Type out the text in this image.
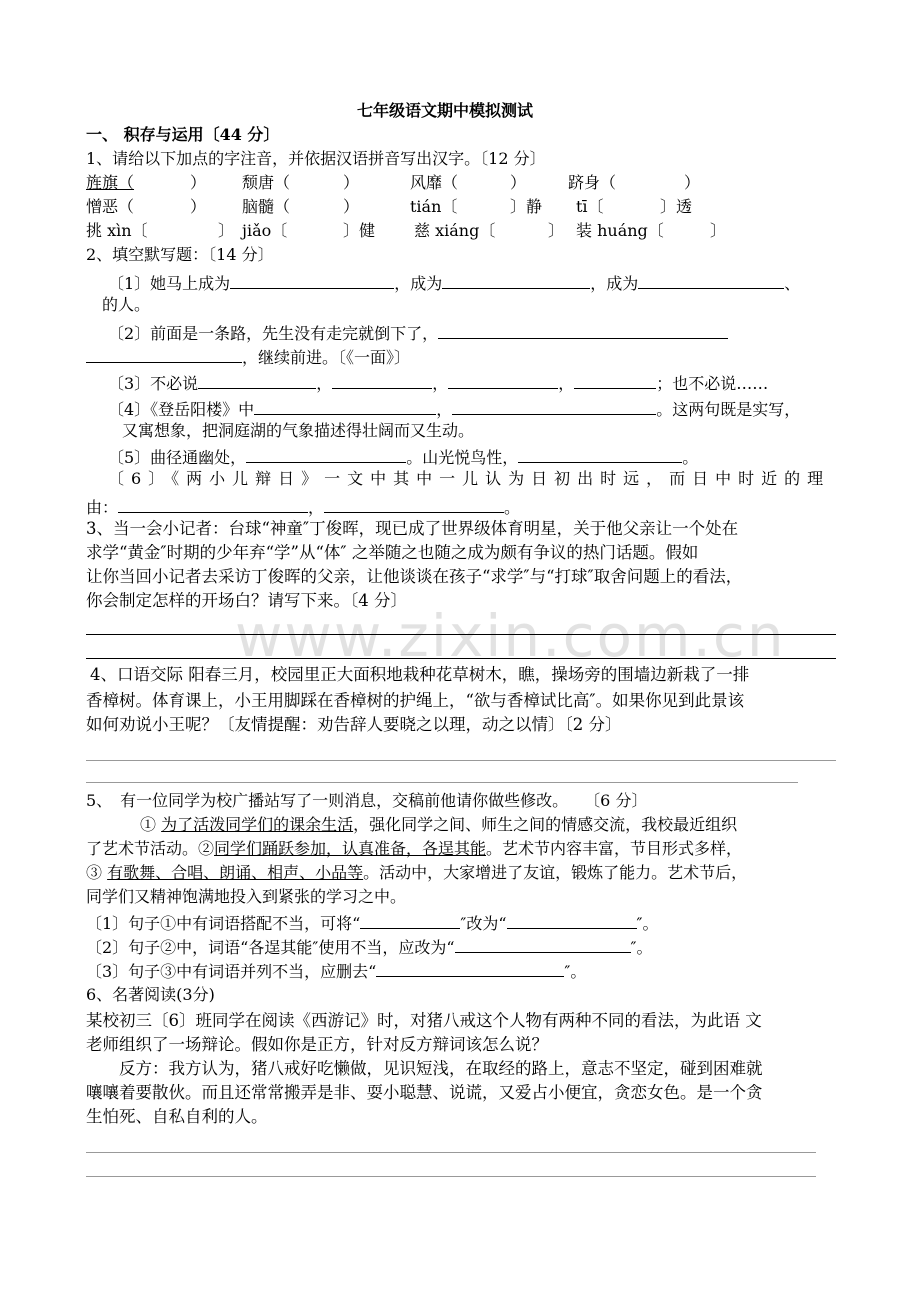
www.zixin.com.cn
七年级语文期中模拟测试
一、 积存与运用〔44 分〕
1、请给以下加点的字注音，并依据汉语拼音写出汉字。〔12 分〕
旌旗（	） 颓唐（	）	风靡（	）	跻身（	）
憎恶（	） 脑髓（	）	tián〔	〕静 tī〔	〕透
挑 xìn〔	〕 jiǎo〔	〕健 慈 xiáng〔	〕 装 huáng〔	〕
2、填空默写题：〔14 分〕
〔1〕她马上成为	，成为	，成为	、
的人。
〔2〕前面是一条路，先生没有走完就倒下了，
，继续前进。〔《一面》〕
〔3〕不必说	，	，	，	；也不必说……
〔4〕《登岳阳楼》中	，	。这两句既是实写，
又寓想象，把洞庭湖的气象描述得壮阔而又生动。
〔5〕曲径通幽处，	。山光悦鸟性，	。
〔6〕《两小儿辩日》一文中其中一儿认为日初出时远，而日中时近的理
由：	，	。
3、当一会小记者：台球“神童″丁俊晖，现已成了世界级体育明星，关于他父亲让一个处在
求学“黄金″时期的少年弃“学”从“体″ 之举随之也随之成为颇有争议的热门话题。假如
让你当回小记者去采访丁俊晖的父亲，让他谈谈在孩子“求学″与“打球″取舍问题上的看法，
你会制定怎样的开场白？请写下来。〔4 分〕
4、口语交际 阳春三月，校园里正大面积地栽种花草树木，瞧，操场旁的围墙边新栽了一排
香樟树。体育课上，小王用脚踩在香樟树的护绳上，“欲与香樟试比高″。如果你见到此景该
如何劝说小王呢？〔友情提醒：劝告辞人要晓之以理，动之以情〕〔2 分〕
5、　有一位同学为校广播站写了一则消息，交稿前他请你做些修改。　　〔6 分〕
① 为了活泼同学们的课余生活，强化同学之间、师生之间的情感交流，我校最近组织
了艺术节活动。②同学们踊跃参加，认真准备，各逞其能。艺术节内容丰富，节目形式多样，
③ 有歌舞、合唱、朗诵、相声、小品等。活动中，大家增进了友谊，锻炼了能力。艺术节后，
同学们又精神饱满地投入到紧张的学习之中。
〔1〕句子①中有词语搭配不当，可将“	″改为“	″。
〔2〕句子②中，词语“各逞其能″使用不当，应改为“	″。
〔3〕句子③中有词语并列不当，应删去“	″。
6、名著阅读(3分)
某校初三〔6〕班同学在阅读《西游记》时，对猪八戒这个人物有两种不同的看法，为此语 文
老师组织了一场辩论。假如你是正方，针对反方辩词该怎么说？
　　反方：我方认为，猪八戒好吃懒做，见识短浅，在取经的路上，意志不坚定，碰到困难就
嚷嚷着要散伙。而且还常常搬弄是非、耍小聪慧、说谎，又爱占小便宜，贪恋女色。是一个贪
生怕死、自私自利的人。
